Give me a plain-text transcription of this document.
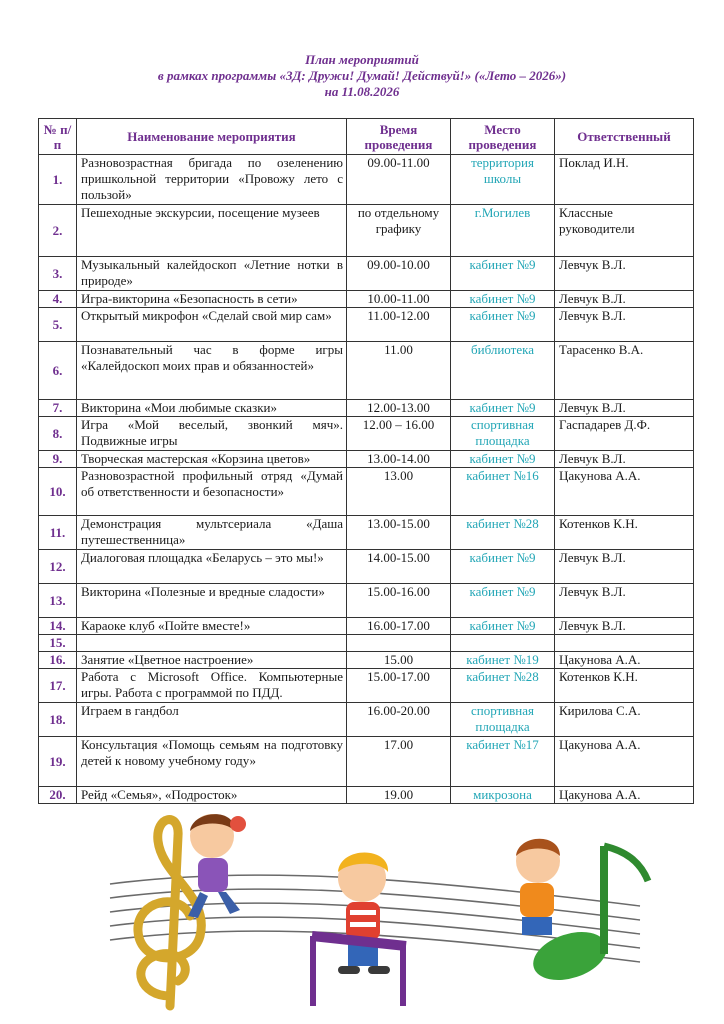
План мероприятий
в рамках программы «3Д: Дружи! Думай! Действуй!» («Лето – 2026»)
на 11.08.2026
№ п/п	Наименование мероприятия	Время проведения	Место проведения	Ответственный
1.	Разновозрастная бригада по озеленению пришкольной территории «Провожу лето с пользой»	09.00-11.00	территория школы	Поклад И.Н.
2.	Пешеходные экскурсии, посещение музеев	по отдельному графику	г.Могилев	Классные руководители
3.	Музыкальный калейдоскоп «Летние нотки в природе»	09.00-10.00	кабинет №9	Левчук В.Л.
4.	Игра-викторина «Безопасность в сети»	10.00-11.00	кабинет №9	Левчук В.Л.
5.	Открытый микрофон «Сделай свой мир сам»	11.00-12.00	кабинет №9	Левчук В.Л.
6.	Познавательный час в форме игры «Калейдоскоп моих прав и обязанностей»	11.00	библиотека	Тарасенко В.А.
7.	Викторина «Мои любимые сказки»	12.00-13.00	кабинет №9	Левчук В.Л.
8.	Игра «Мой веселый, звонкий мяч». Подвижные игры	12.00 – 16.00	спортивная площадка	Гаспадарев Д.Ф.
9.	Творческая мастерская «Корзина цветов»	13.00-14.00	кабинет №9	Левчук В.Л.
10.	Разновозрастной профильный отряд «Думай об ответственности и безопасности»	13.00	кабинет №16	Цакунова А.А.
11.	Демонстрация мультсериала «Даша путешественница»	13.00-15.00	кабинет №28	Котенков К.Н.
12.	Диалоговая площадка «Беларусь – это мы!»	14.00-15.00	кабинет №9	Левчук В.Л.
13.	Викторина «Полезные и вредные сладости»	15.00-16.00	кабинет №9	Левчук В.Л.
14.	Караоке клуб «Пойте вместе!»	16.00-17.00	кабинет №9	Левчук В.Л.
15.				
16.	Занятие «Цветное настроение»	15.00	кабинет №19	Цакунова А.А.
17.	Работа с Microsoft Office. Компьютерные игры. Работа с программой по ПДД.	15.00-17.00	кабинет №28	Котенков К.Н.
18.	Играем в гандбол	16.00-20.00	спортивная площадка	Кирилова С.А.
19.	Консультация «Помощь семьям на подготовку детей к новому учебному году»	17.00	кабинет №17	Цакунова А.А.
20.	Рейд «Семья», «Подросток»	19.00	микрозона	Цакунова А.А.
